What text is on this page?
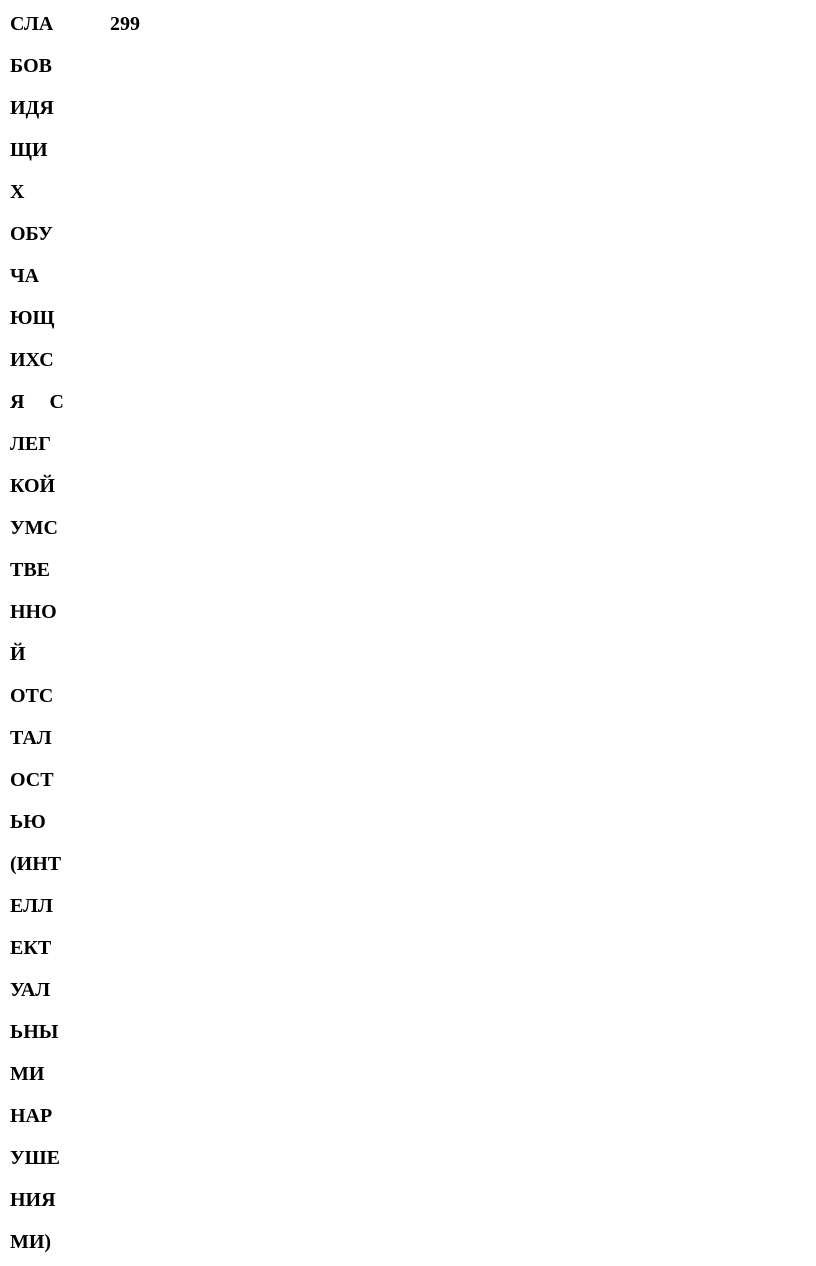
СЛА
БОВ
ИДЯ
ЩИ
Х
ОБУ
ЧА
ЮЩ
ИХС
Я     С
ЛЕГ
КОЙ
УМС
ТВЕ
ННО
Й
ОТС
ТАЛ
ОСТ
ЬЮ
(ИНТ
ЕЛЛ
ЕКТ
УАЛ
ЬНЫ
МИ
НАР
УШЕ
НИЯ
МИ)
299
